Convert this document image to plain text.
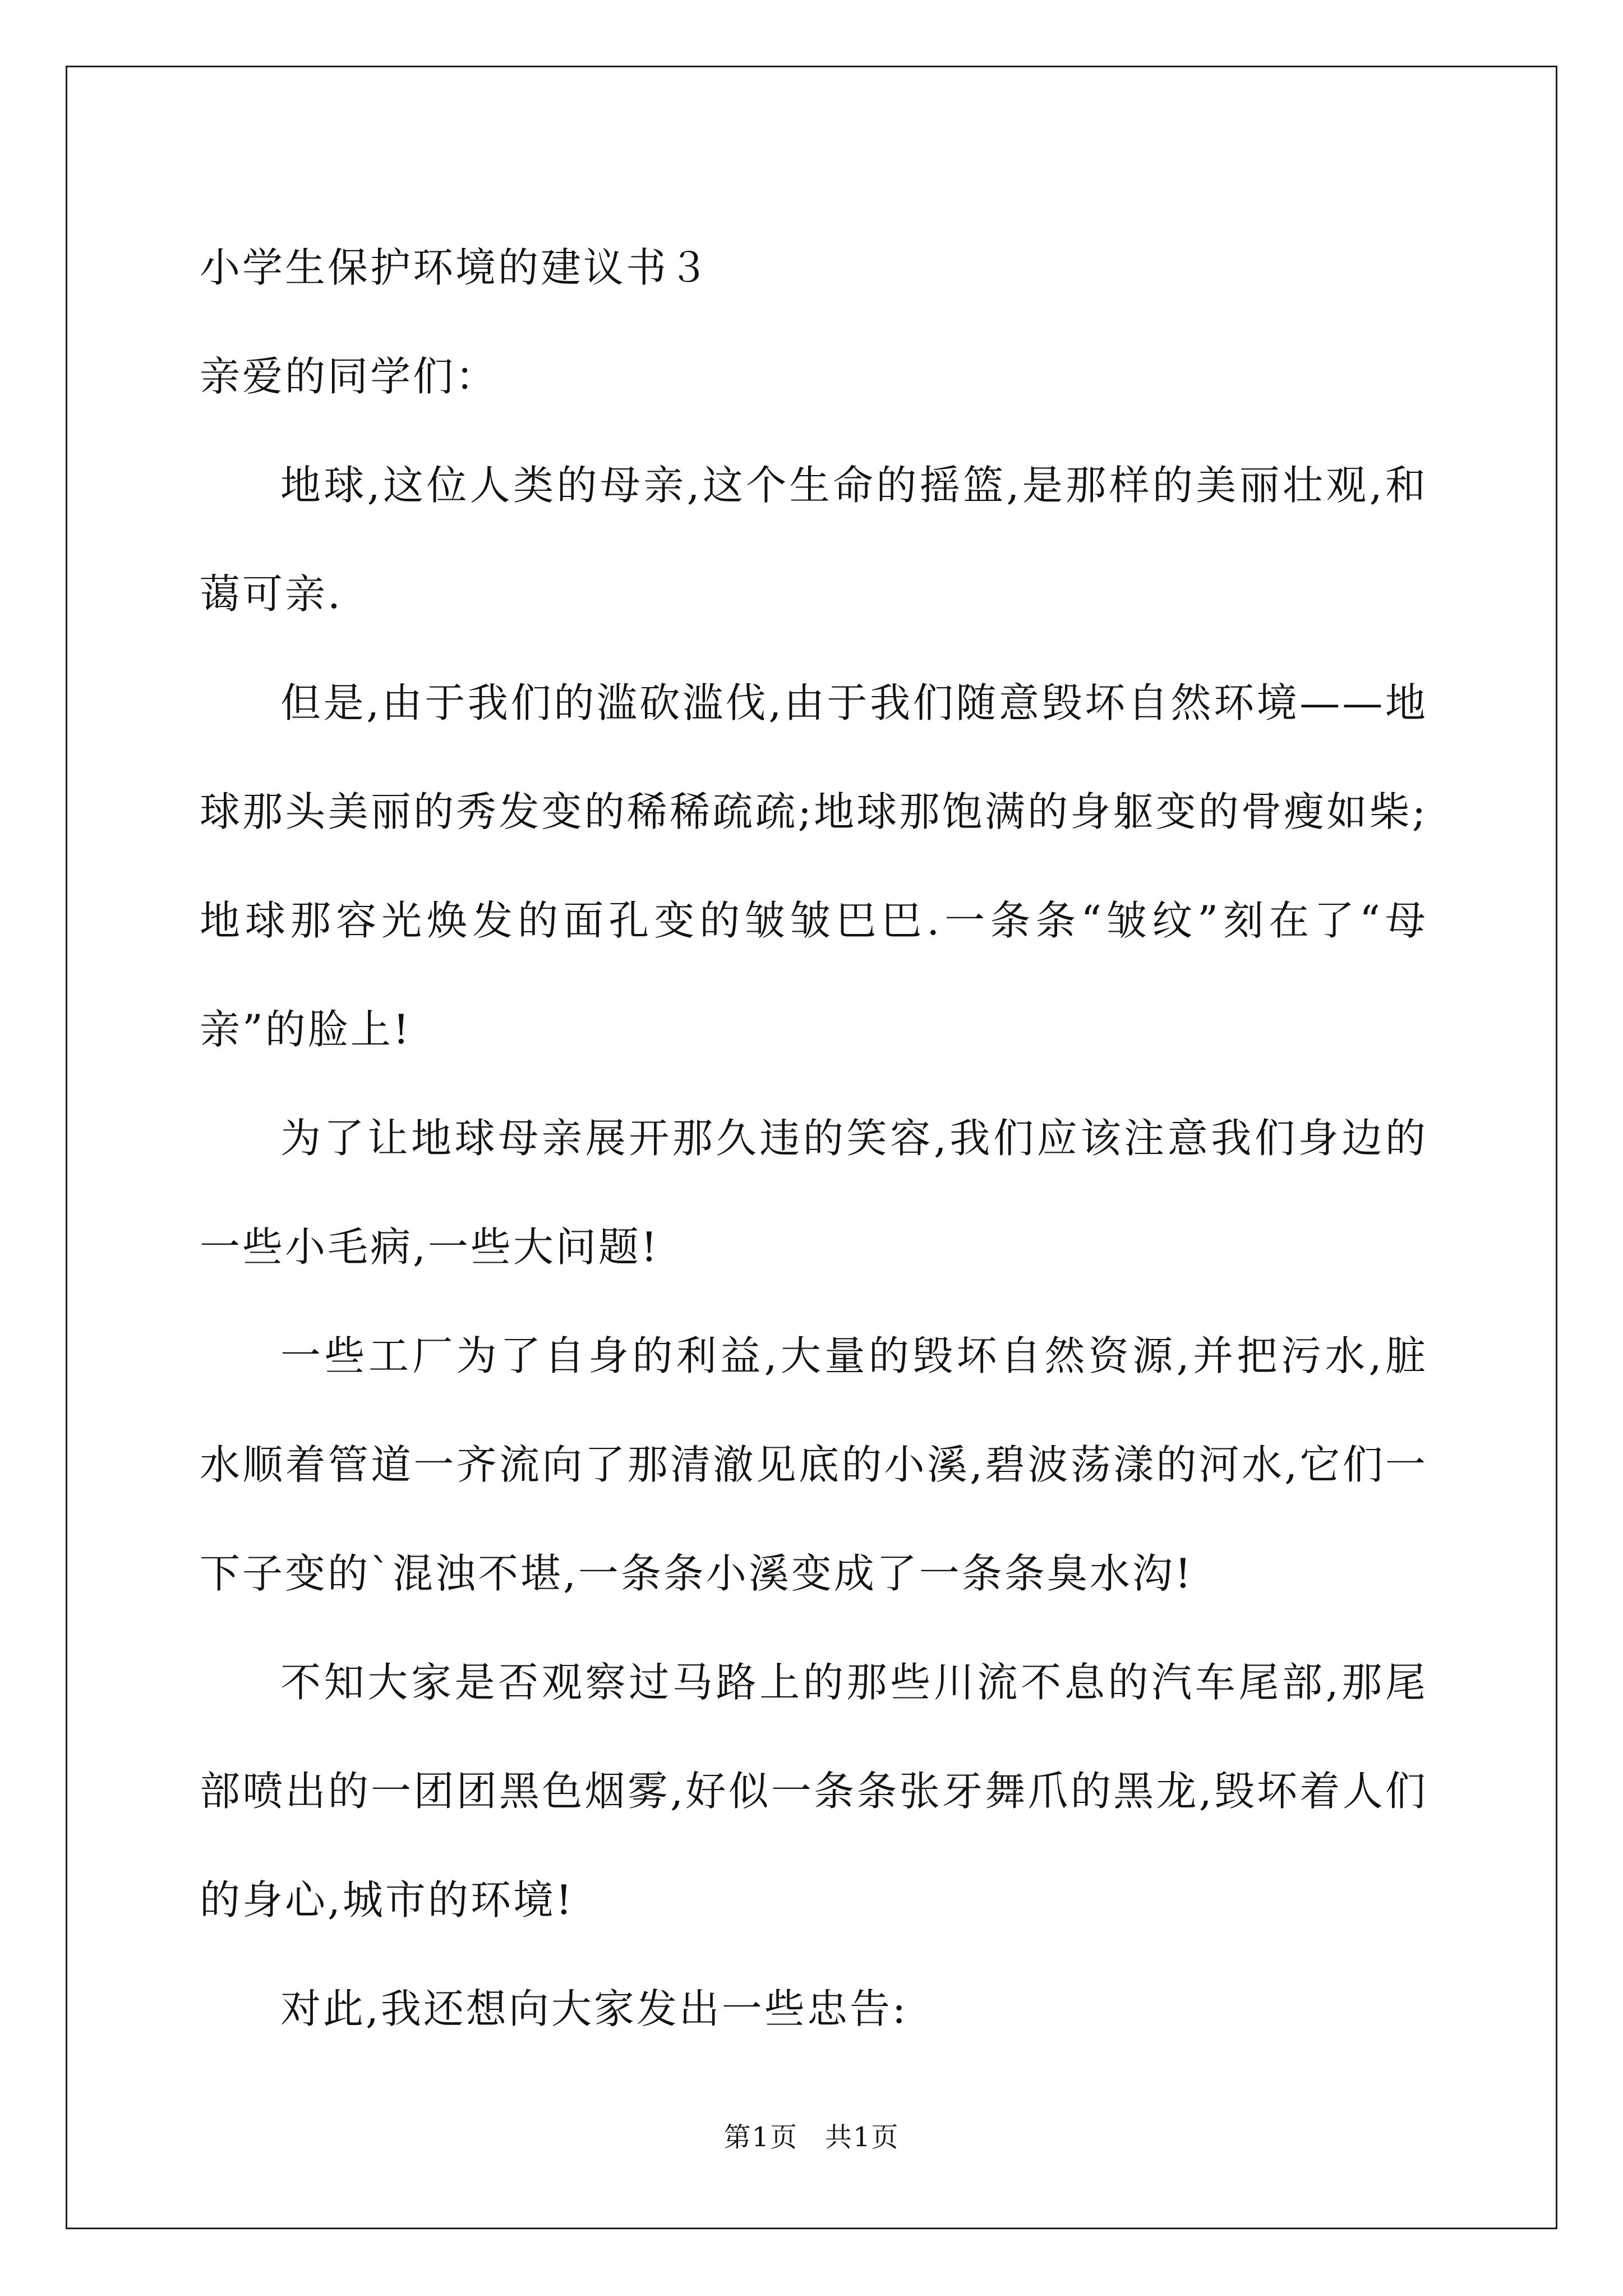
小学生保护环境的建议书３

亲爱的同学们：

地球,这位人类的母亲,这个生命的摇篮,是那样的美丽壮观,和蔼可亲.

但是,由于我们的滥砍滥伐,由于我们随意毁坏自然环境——地球那头美丽的秀发变的稀稀疏疏;地球那饱满的身躯变的骨瘦如柴;地球那容光焕发的面孔变的皱皱巴巴.一条条“皱纹”刻在了“母亲”的脸上!

为了让地球母亲展开那久违的笑容,我们应该注意我们身边的一些小毛病,一些大问题!

一些工厂为了自身的利益,大量的毁坏自然资源,并把污水,脏水顺着管道一齐流向了那清澈见底的小溪,碧波荡漾的河水,它们一下子变的`混浊不堪,一条条小溪变成了一条条臭水沟!

不知大家是否观察过马路上的那些川流不息的汽车尾部,那尾部喷出的一团团黑色烟雾,好似一条条张牙舞爪的黑龙,毁坏着人们的身心,城市的环境!

对此,我还想向大家发出一些忠告:

第1页 共1页
